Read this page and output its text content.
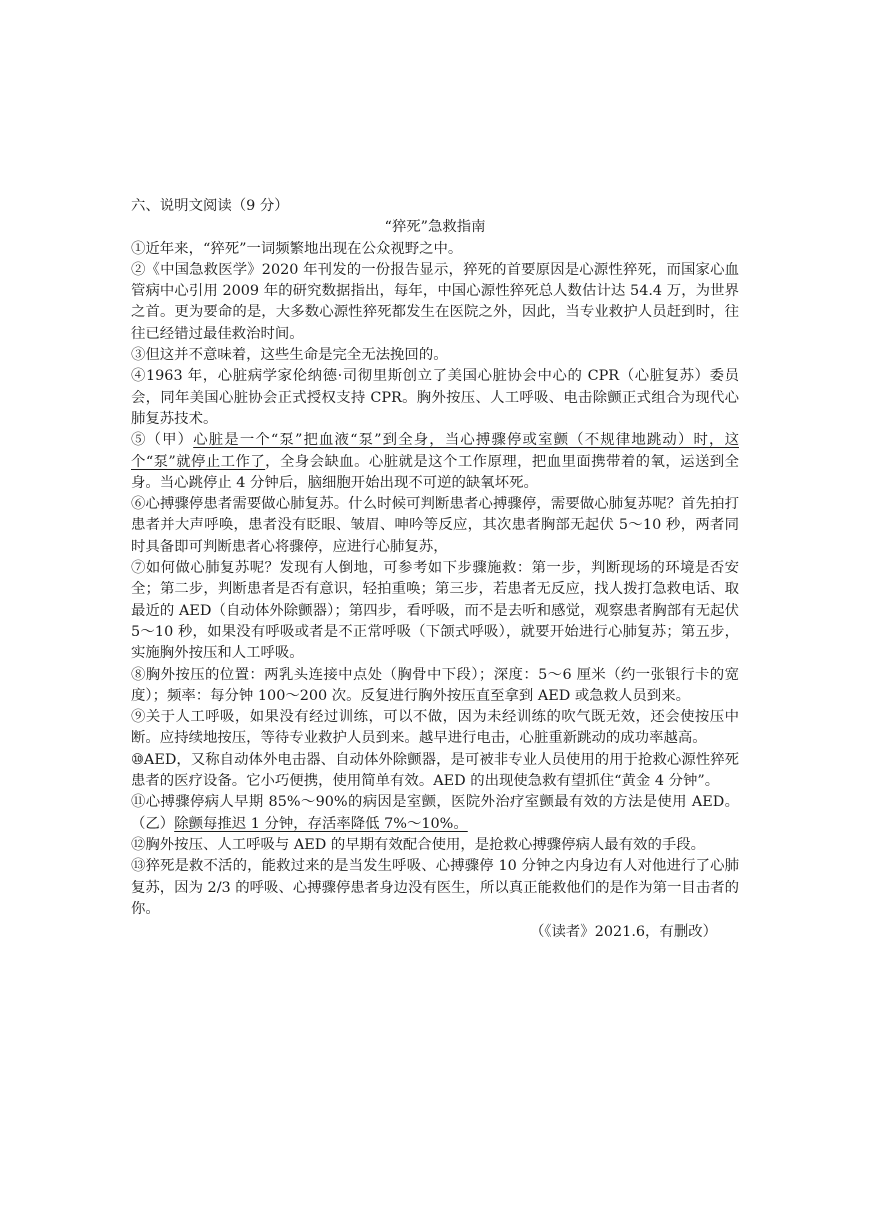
六、说明文阅读（9 分）

“猝死”急救指南

①近年来，“猝死”一词频繁地出现在公众视野之中。

②《中国急救医学》2020 年刊发的一份报告显示，猝死的首要原因是心源性猝死，而国家心血管病中心引用 2009 年的研究数据指出，每年，中国心源性猝死总人数估计达 54.4 万，为世界之首。更为要命的是，大多数心源性猝死都发生在医院之外，因此，当专业救护人员赶到时，往往已经错过最佳救治时间。

③但这并不意味着，这些生命是完全无法挽回的。

④1963 年，心脏病学家伦纳德·司彻里斯创立了美国心脏协会中心的 CPR（心脏复苏）委员会，同年美国心脏协会正式授权支持 CPR。胸外按压、人工呼吸、电击除颤正式组合为现代心肺复苏技术。

⑤（甲）心脏是一个“泵”把血液“泵”到全身，当心搏骤停或室颤（不规律地跳动）时，这个“泵”就停止工作了，全身会缺血。心脏就是这个工作原理，把血里面携带着的氧，运送到全身。当心跳停止 4 分钟后，脑细胞开始出现不可逆的缺氧坏死。

⑥心搏骤停患者需要做心肺复苏。什么时候可判断患者心搏骤停，需要做心肺复苏呢？首先拍打患者并大声呼唤，患者没有眨眼、皱眉、呻吟等反应，其次患者胸部无起伏 5～10 秒，两者同时具备即可判断患者心将骤停，应进行心肺复苏，

⑦如何做心肺复苏呢？发现有人倒地，可参考如下步骤施救：第一步，判断现场的环境是否安全；第二步，判断患者是否有意识，轻拍重唤；第三步，若患者无反应，找人拨打急救电话、取最近的 AED（自动体外除颤器）；第四步，看呼吸，而不是去听和感觉，观察患者胸部有无起伏 5～10 秒，如果没有呼吸或者是不正常呼吸（下颌式呼吸），就要开始进行心肺复苏；第五步，实施胸外按压和人工呼吸。

⑧胸外按压的位置：两乳头连接中点处（胸骨中下段）；深度：5～6 厘米（约一张银行卡的宽度）；频率：每分钟 100～200 次。反复进行胸外按压直至拿到 AED 或急救人员到来。

⑨关于人工呼吸，如果没有经过训练，可以不做，因为未经训练的吹气既无效，还会使按压中断。应持续地按压，等待专业救护人员到来。越早进行电击，心脏重新跳动的成功率越高。

⑩AED，又称自动体外电击器、自动体外除颤器，是可被非专业人员使用的用于抢救心源性猝死患者的医疗设备。它小巧便携，使用简单有效。AED 的出现使急救有望抓住“黄金 4 分钟”。

⑪心搏骤停病人早期 85%～90%的病因是室颤，医院外治疗室颤最有效的方法是使用 AED。（乙）除颤每推迟 1 分钟，存活率降低 7%～10%。

⑫胸外按压、人工呼吸与 AED 的早期有效配合使用，是抢救心搏骤停病人最有效的手段。

⑬猝死是救不活的，能救过来的是当发生呼吸、心搏骤停 10 分钟之内身边有人对他进行了心肺复苏，因为 2/3 的呼吸、心搏骤停患者身边没有医生，所以真正能救他们的是作为第一目击者的你。

（《读者》2021.6，有删改）
